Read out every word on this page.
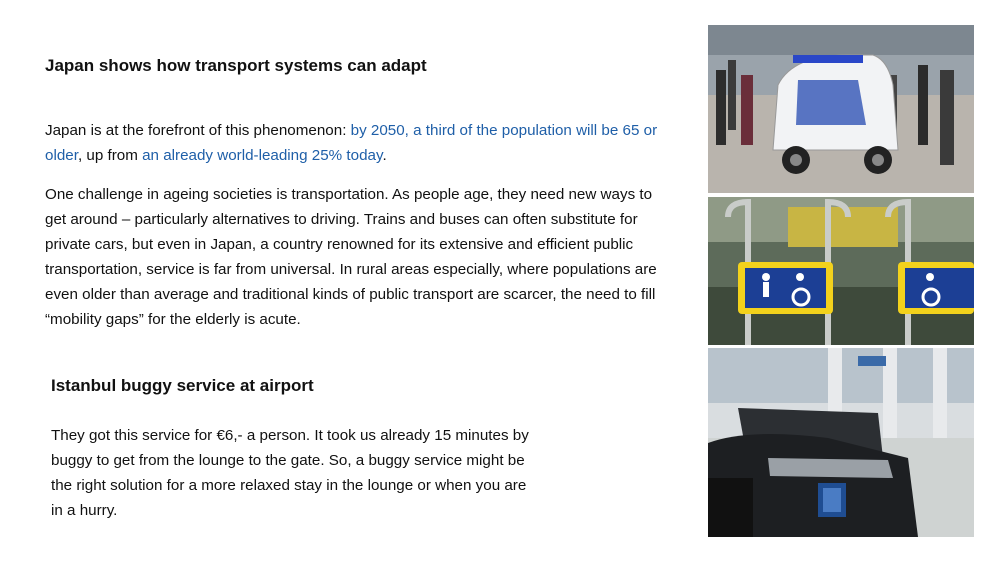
Japan shows how transport systems can adapt
Japan is at the forefront of this phenomenon: by 2050, a third of the population will be 65 or older, up from an already world-leading 25% today.
One challenge in ageing societies is transportation. As people age, they need new ways to get around – particularly alternatives to driving. Trains and buses can often substitute for private cars, but even in Japan, a country renowned for its extensive and efficient public transportation, service is far from universal. In rural areas especially, where populations are even older than average and traditional kinds of public transport are scarcer, the need to fill “mobility gaps” for the elderly is acute.
Istanbul buggy service at airport
They got this service for €6,- a person. It took us already 15 minutes by buggy to get from the lounge to the gate. So, a buggy service might be the right solution for a more relaxed stay in the lounge or when you are in a hurry.
